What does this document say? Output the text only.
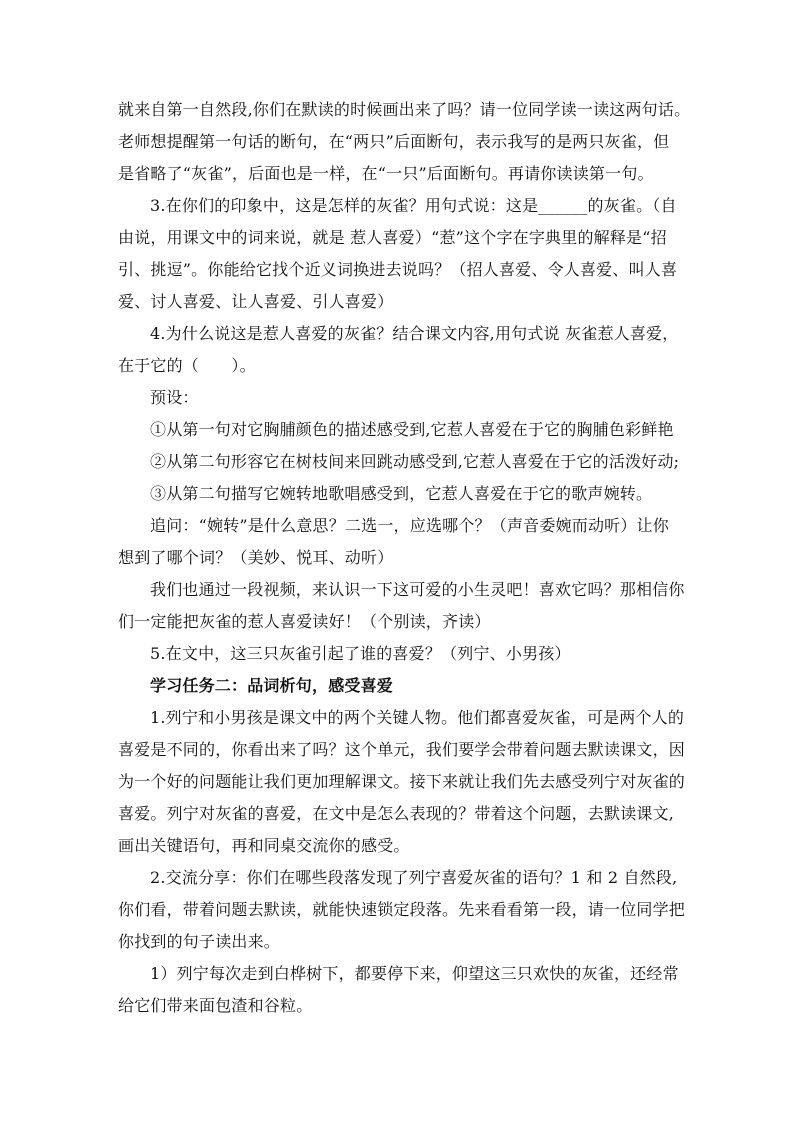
就来自第一自然段,你们在默读的时候画出来了吗？请一位同学读一读这两句话。
老师想提醒第一句话的断句，在“两只”后面断句，表示我写的是两只灰雀，但
是省略了“灰雀”，后面也是一样，在“一只”后面断句。再请你读读第一句。
3.在你们的印象中，这是怎样的灰雀？用句式说：这是______的灰雀。（自
由说，用课文中的词来说，就是 惹人喜爱）“惹”这个字在字典里的解释是“招
引、挑逗”。你能给它找个近义词换进去说吗？（招人喜爱、令人喜爱、叫人喜
爱、讨人喜爱、让人喜爱、引人喜爱）
4.为什么说这是惹人喜爱的灰雀？结合课文内容,用句式说 灰雀惹人喜爱，
在于它的（　　）。
预设：
①从第一句对它胸脯颜色的描述感受到,它惹人喜爱在于它的胸脯色彩鲜艳
②从第二句形容它在树枝间来回跳动感受到,它惹人喜爱在于它的活泼好动;
③从第二句描写它婉转地歌唱感受到，它惹人喜爱在于它的歌声婉转。
追问：“婉转”是什么意思？二选一，应选哪个？（声音委婉而动听）让你
想到了哪个词？（美妙、悦耳、动听）
我们也通过一段视频，来认识一下这可爱的小生灵吧！喜欢它吗？那相信你
们一定能把灰雀的惹人喜爱读好！（个别读，齐读）
5.在文中，这三只灰雀引起了谁的喜爱？（列宁、小男孩）
学习任务二：品词析句，感受喜爱
1.列宁和小男孩是课文中的两个关键人物。他们都喜爱灰雀，可是两个人的
喜爱是不同的，你看出来了吗？这个单元，我们要学会带着问题去默读课文，因
为一个好的问题能让我们更加理解课文。接下来就让我们先去感受列宁对灰雀的
喜爱。列宁对灰雀的喜爱，在文中是怎么表现的？带着这个问题，去默读课文,
画出关键语句，再和同桌交流你的感受。
2.交流分享：你们在哪些段落发现了列宁喜爱灰雀的语句？1 和 2 自然段,
你们看，带着问题去默读，就能快速锁定段落。先来看看第一段，请一位同学把
你找到的句子读出来。
1）列宁每次走到白桦树下，都要停下来，仰望这三只欢快的灰雀，还经常
给它们带来面包渣和谷粒。
